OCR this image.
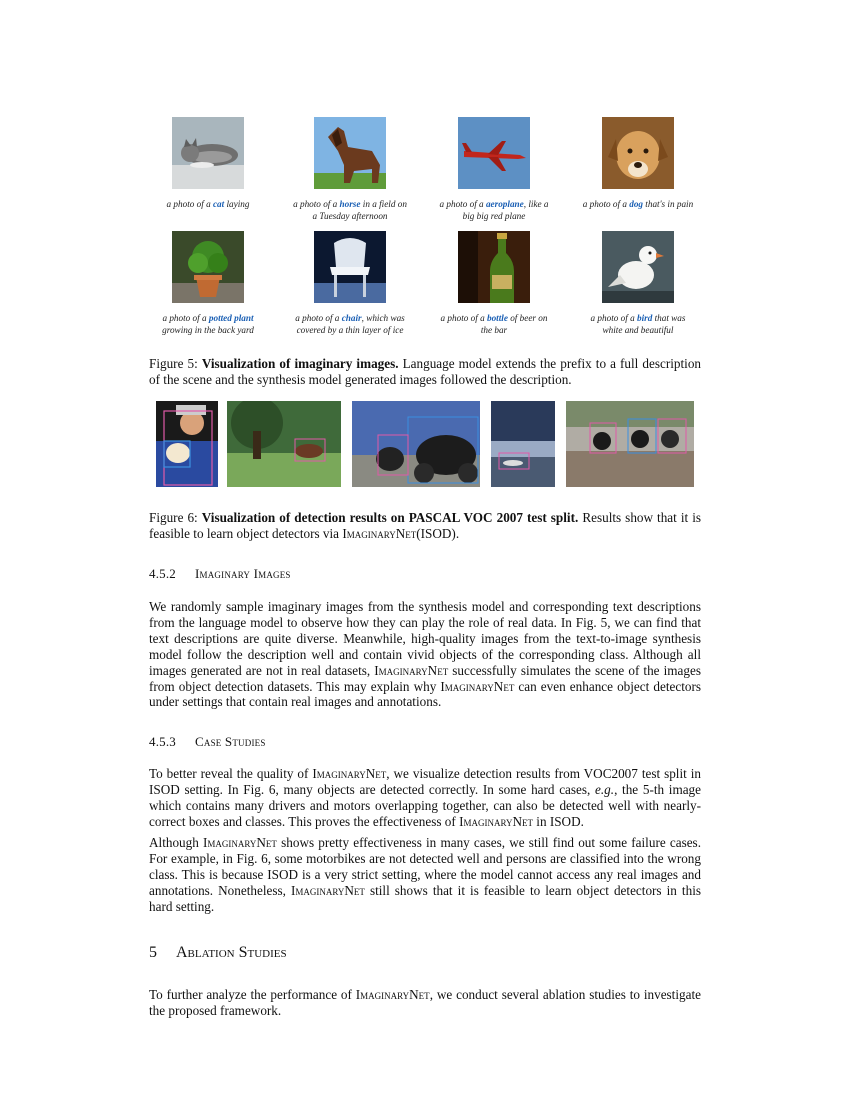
a photo of a cat laying	a photo of a horse in a field on
a Tuesday afternoon
a photo of a aeroplane, like a
big big red plane
a photo of a dog that's in pain

a photo of a potted plant
growing in the back yard
a photo of a chair, which was
covered by a thin layer of ice
a photo of a bottle of beer on
the bar
a photo of a bird that was
white and beautiful
Figure 5: Visualization of imaginary images. Language model extends the prefix to a full description of the scene and the synthesis model generated images followed the description.
Figure 6: Visualization of detection results on PASCAL VOC 2007 test split. Results show that it is feasible to learn object detectors via ImaginaryNet(ISOD).
4.5.2 Imaginary Images

We randomly sample imaginary images from the synthesis model and corresponding text descriptions from the language model to observe how they can play the role of real data. In Fig. 5, we can find that text descriptions are quite diverse. Meanwhile, high-quality images from the text-to-image synthesis model follow the description well and contain vivid objects of the corresponding class. Although all images generated are not in real datasets, ImaginaryNet successfully simulates the scene of the images from object detection datasets. This may explain why ImaginaryNet can even enhance object detectors under settings that contain real images and annotations.

4.5.3 Case Studies

To better reveal the quality of ImaginaryNet, we visualize detection results from VOC2007 test split in ISOD setting. In Fig. 6, many objects are detected correctly. In some hard cases, e.g., the 5-th image which contains many drivers and motors overlapping together, can also be detected well with nearly-correct boxes and classes. This proves the effectiveness of ImaginaryNet in ISOD.

Although ImaginaryNet shows pretty effectiveness in many cases, we still find out some failure cases. For example, in Fig. 6, some motorbikes are not detected well and persons are classified into the wrong class. This is because ISOD is a very strict setting, where the model cannot access any real images and annotations. Nonetheless, ImaginaryNet still shows that it is feasible to learn object detectors in this hard setting.

5 Ablation Studies

To further analyze the performance of ImaginaryNet, we conduct several ablation studies to investigate the proposed framework.
